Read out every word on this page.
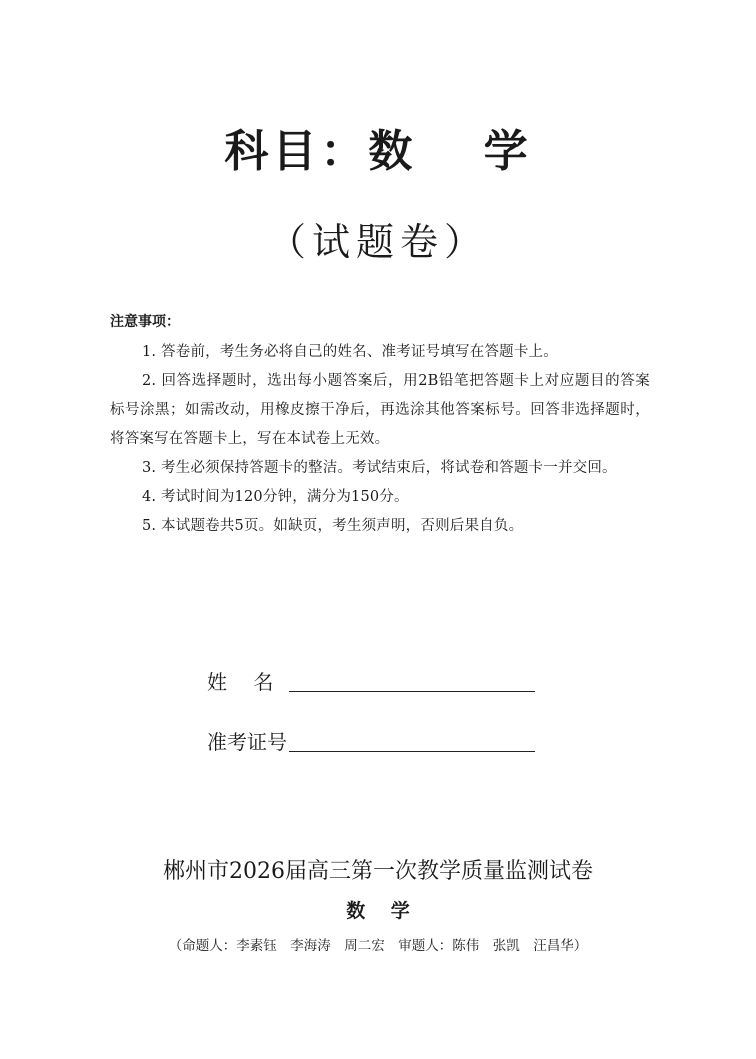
科目：数　 学
（试题卷）
注意事项：

1. 答卷前，考生务必将自己的姓名、准考证号填写在答题卡上。

2. 回答选择题时，选出每小题答案后，用2B铅笔把答题卡上对应题目的答案标号涂黑；如需改动，用橡皮擦干净后，再选涂其他答案标号。回答非选择题时，将答案写在答题卡上，写在本试卷上无效。

3. 考生必须保持答题卡的整洁。考试结束后，将试卷和答题卡一并交回。

4. 考试时间为120分钟，满分为150分。

5. 本试题卷共5页。如缺页，考生须声明，否则后果自负。

姓　 名
准考证号
郴州市2026届高三第一次教学质量监测试卷
数　 学
（命题人：李素钰　李海涛　周二宏　审题人：陈伟　张凯　汪昌华）
